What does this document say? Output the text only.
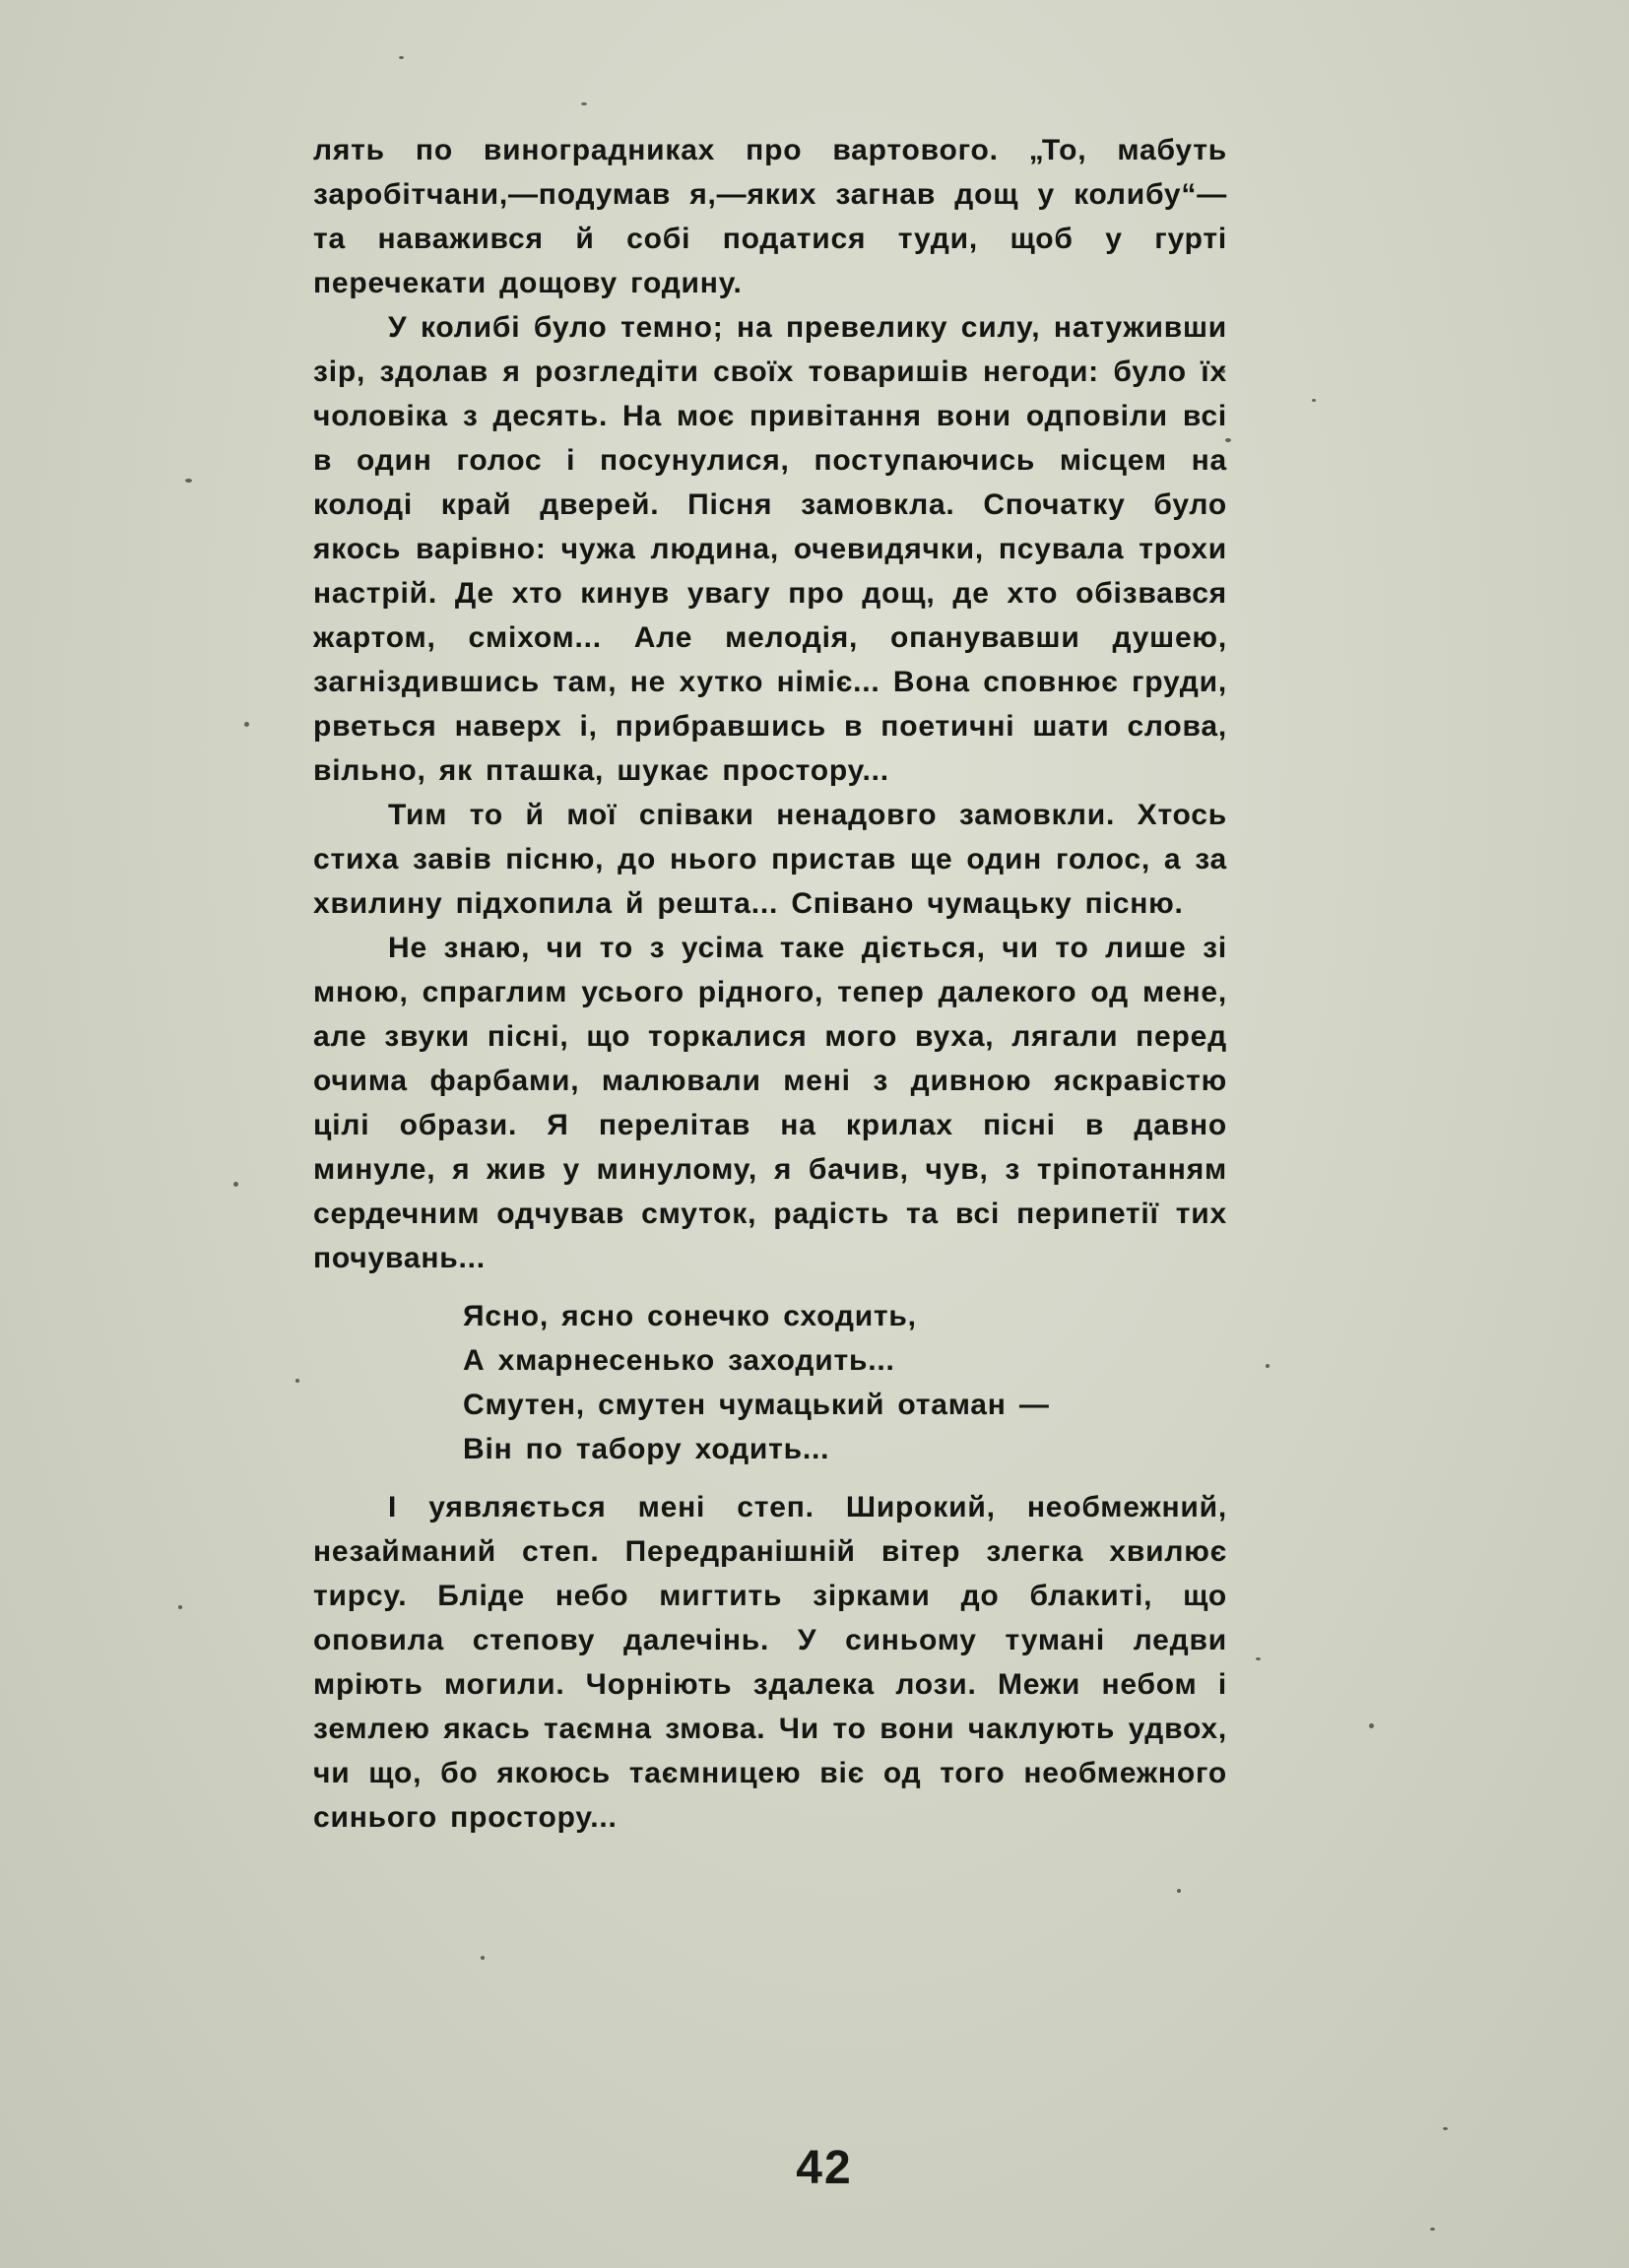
лять по виноградниках про вартового. „То, мабуть заробітчани,—подумав я,—яких загнав дощ у колибу“—та наважився й собі податися туди, щоб у гурті перечекати дощову годину.

У колибі було темно; на превелику силу, натуживши зір, здолав я розгледіти своїх товаришів негоди: було їх чоловіка з десять. На моє привітання вони одповіли всі в один голос і посунулися, поступаючись місцем на колоді край дверей. Пісня замовкла. Спочатку було якось варівно: чужа людина, очевидячки, псувала трохи настрій. Де хто кинув увагу про дощ, де хто обізвався жартом, сміхом... Але мелодія, опанувавши душею, загніздившись там, не хутко німіє... Вона сповнює груди, рветься наверх і, прибравшись в поетичні шати слова, вільно, як пташка, шукає простору...

Тим то й мої співаки ненадовго замовкли. Хтось стиха завів пісню, до нього пристав ще один голос, а за хвилину підхопила й решта... Співано чумацьку пісню.

Не знаю, чи то з усіма таке діється, чи то лише зі мною, спраглим усього рідного, тепер далекого од мене, але звуки пісні, що торкалися мого вуха, лягали перед очима фарбами, малювали мені з дивною яскравістю цілі образи. Я перелітав на крилах пісні в давно минуле, я жив у минулому, я бачив, чув, з тріпотанням сердечним одчував смуток, радість та всі перипетії тих почувань...

Ясно, ясно сонечко сходить,
А хмарнесенько заходить...
Смутен, смутен чумацький отаман —
Він по табору ходить...

І уявляється мені степ. Широкий, необмежний, незайманий степ. Передранішній вітер злегка хвилює тирсу. Бліде небо мигтить зірками до блакиті, що оповила степову далечінь. У синьому тумані ледви мріють могили. Чорніють здалека лози. Межи небом і землею якась таємна змова. Чи то вони чаклують удвох, чи що, бо якоюсь таємницею віє од того необмежного синього простору...

42
